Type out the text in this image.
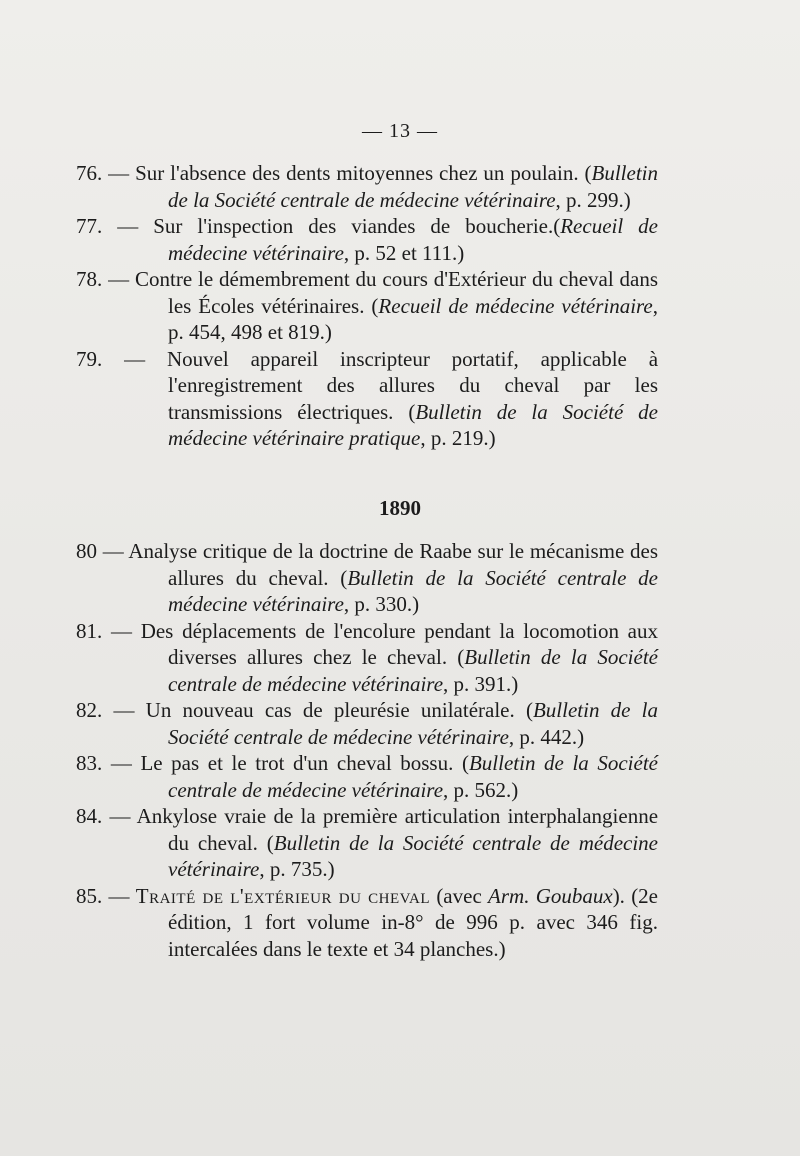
— 13 —

76. — Sur l'absence des dents mitoyennes chez un poulain. (Bulletin de la Société centrale de médecine vétérinaire, p. 299.)

77. — Sur l'inspection des viandes de boucherie.(Recueil de médecine vétérinaire, p. 52 et 111.)

78. — Contre le démembrement du cours d'Extérieur du cheval dans les Écoles vétérinaires. (Recueil de médecine vétérinaire, p. 454, 498 et 819.)

79. — Nouvel appareil inscripteur portatif, applicable à l'enregistrement des allures du cheval par les transmissions électriques. (Bulletin de la Société de médecine vétérinaire pratique, p. 219.)

1890

80 — Analyse critique de la doctrine de Raabe sur le mécanisme des allures du cheval. (Bulletin de la Société centrale de médecine vétérinaire, p. 330.)

81. — Des déplacements de l'encolure pendant la locomotion aux diverses allures chez le cheval. (Bulletin de la Société centrale de médecine vétérinaire, p. 391.)

82. — Un nouveau cas de pleurésie unilatérale. (Bulletin de la Société centrale de médecine vétérinaire, p. 442.)

83. — Le pas et le trot d'un cheval bossu. (Bulletin de la Société centrale de médecine vétérinaire, p. 562.)

84. — Ankylose vraie de la première articulation interphalangienne du cheval. (Bulletin de la Société centrale de médecine vétérinaire, p. 735.)

85. — Traité de l'extérieur du cheval (avec Arm. Goubaux). (2e édition, 1 fort volume in-8° de 996 p. avec 346 fig. intercalées dans le texte et 34 planches.)
